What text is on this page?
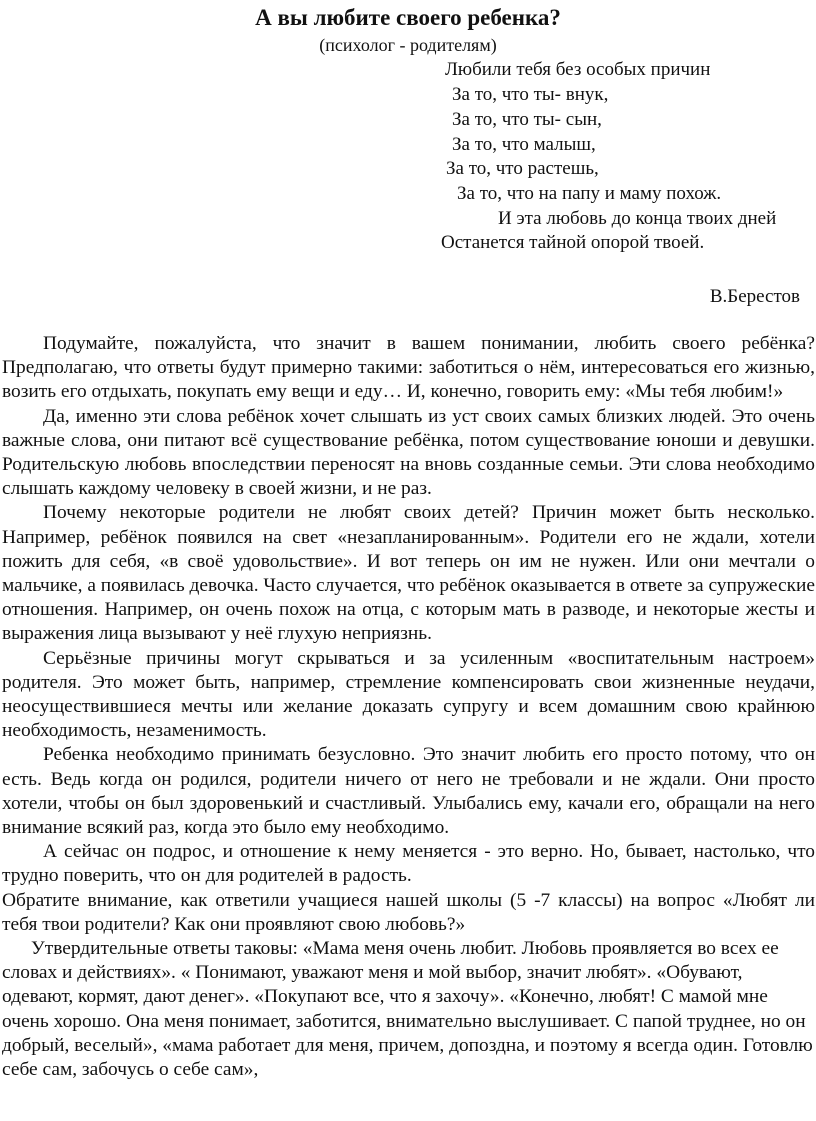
А вы любите своего ребенка?
(психолог - родителям)
Любили тебя без особых причин
За то, что ты- внук,
За то, что ты- сын,
За то, что малыш,
За то, что растешь,
За то, что на папу и маму похож.
И эта любовь до конца твоих дней
Останется тайной опорой твоей.
В.Берестов

Подумайте, пожалуйста, что значит в вашем понимании, любить своего ребёнка? Предполагаю, что ответы будут примерно такими: заботиться о нём, интересоваться его жизнью, возить его отдыхать, покупать ему вещи и еду… И, конечно, говорить ему: «Мы тебя любим!»

Да, именно эти слова ребёнок хочет слышать из уст своих самых близких людей. Это очень важные слова, они питают всё существование ребёнка, потом существование юноши и девушки. Родительскую любовь впоследствии переносят на вновь созданные семьи. Эти слова необходимо слышать каждому человеку в своей жизни, и не раз.

Почему некоторые родители не любят своих детей? Причин может быть несколько. Например, ребёнок появился на свет «незапланированным». Родители его не ждали, хотели пожить для себя, «в своё удовольствие». И вот теперь он им не нужен. Или они мечтали о мальчике, а появилась девочка. Часто случается, что ребёнок оказывается в ответе за супружеские отношения. Например, он очень похож на отца, с которым мать в разводе, и некоторые жесты и выражения лица вызывают у неё глухую неприязнь.

Серьёзные причины могут скрываться и за усиленным «воспитательным настроем» родителя. Это может быть, например, стремление компенсировать свои жизненные неудачи, неосуществившиеся мечты или желание доказать супругу и всем домашним свою крайнюю необходимость, незаменимость.

Ребенка необходимо принимать безусловно. Это значит любить его просто потому, что он есть. Ведь когда он родился, родители ничего от него не требовали и не ждали. Они просто хотели, чтобы он был здоровенький и счастливый. Улыбались ему, качали его, обращали на него внимание всякий раз, когда это было ему необходимо.

А сейчас он подрос, и отношение к нему меняется - это верно. Но, бывает, настолько, что трудно поверить, что он для родителей в радость.

Обратите внимание, как ответили учащиеся нашей школы (5 -7 классы) на вопрос «Любят ли тебя твои родители? Как они проявляют свою любовь?»

Утвердительные ответы таковы: «Мама меня очень любит. Любовь проявляется во всех ее словах и действиях». « Понимают, уважают меня и мой выбор, значит любят». «Обувают, одевают, кормят, дают денег». «Покупают все, что я захочу». «Конечно, любят! С мамой мне очень хорошо. Она меня понимает, заботится, внимательно выслушивает. С папой труднее, но он добрый, веселый», «мама работает для меня, причем, допоздна, и поэтому я всегда один. Готовлю себе сам, забочусь о себе сам»,
